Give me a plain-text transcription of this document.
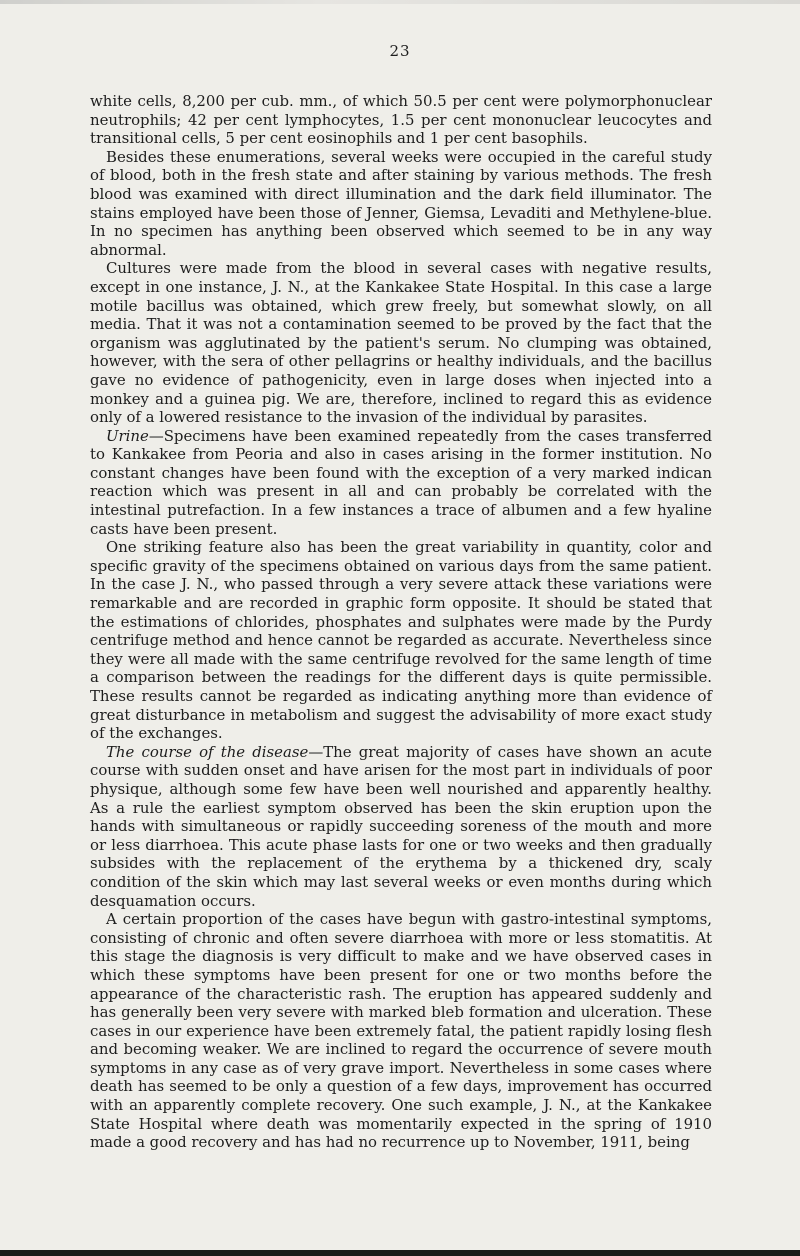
23

white cells, 8,200 per cub. mm., of which 50.5 per cent were polymorphonuclear neutrophils; 42 per cent lymphocytes, 1.5 per cent mononuclear leucocytes and transitional cells, 5 per cent eosinophils and 1 per cent basophils.

Besides these enumerations, several weeks were occupied in the careful study of blood, both in the fresh state and after staining by various methods. The fresh blood was examined with direct illumination and the dark field illuminator. The stains employed have been those of Jenner, Giemsa, Levaditi and Methylene-blue. In no specimen has anything been observed which seemed to be in any way abnormal.

Cultures were made from the blood in several cases with negative results, except in one instance, J. N., at the Kankakee State Hospital. In this case a large motile bacillus was obtained, which grew freely, but somewhat slowly, on all media. That it was not a contamination seemed to be proved by the fact that the organism was agglutinated by the patient's serum. No clumping was obtained, however, with the sera of other pellagrins or healthy individuals, and the bacillus gave no evidence of pathogenicity, even in large doses when injected into a monkey and a guinea pig. We are, therefore, inclined to regard this as evidence only of a lowered resistance to the invasion of the individual by parasites.

Urine—Specimens have been examined repeatedly from the cases transferred to Kankakee from Peoria and also in cases arising in the former institution. No constant changes have been found with the exception of a very marked indican reaction which was present in all and can probably be correlated with the intestinal putrefaction. In a few instances a trace of albumen and a few hyaline casts have been present.

One striking feature also has been the great variability in quantity, color and specific gravity of the specimens obtained on various days from the same patient. In the case J. N., who passed through a very severe attack these variations were remarkable and are recorded in graphic form opposite. It should be stated that the estimations of chlorides, phosphates and sulphates were made by the Purdy centrifuge method and hence cannot be regarded as accurate. Nevertheless since they were all made with the same centrifuge revolved for the same length of time a comparison between the readings for the different days is quite permissible. These results cannot be regarded as indicating anything more than evidence of great disturbance in metabolism and suggest the advisability of more exact study of the exchanges.

The course of the disease—The great majority of cases have shown an acute course with sudden onset and have arisen for the most part in individuals of poor physique, although some few have been well nourished and apparently healthy. As a rule the earliest symptom observed has been the skin eruption upon the hands with simultaneous or rapidly succeeding soreness of the mouth and more or less diarrhoea. This acute phase lasts for one or two weeks and then gradually subsides with the replacement of the erythema by a thickened dry, scaly condition of the skin which may last several weeks or even months during which desquamation occurs.

A certain proportion of the cases have begun with gastro-intestinal symptoms, consisting of chronic and often severe diarrhoea with more or less stomatitis. At this stage the diagnosis is very difficult to make and we have observed cases in which these symptoms have been present for one or two months before the appearance of the characteristic rash. The eruption has appeared suddenly and has generally been very severe with marked bleb formation and ulceration. These cases in our experience have been extremely fatal, the patient rapidly losing flesh and becoming weaker. We are inclined to regard the occurrence of severe mouth symptoms in any case as of very grave import. Nevertheless in some cases where death has seemed to be only a question of a few days, improvement has occurred with an apparently complete recovery. One such example, J. N., at the Kankakee State Hospital where death was momentarily expected in the spring of 1910 made a good recovery and has had no recurrence up to November, 1911, being
